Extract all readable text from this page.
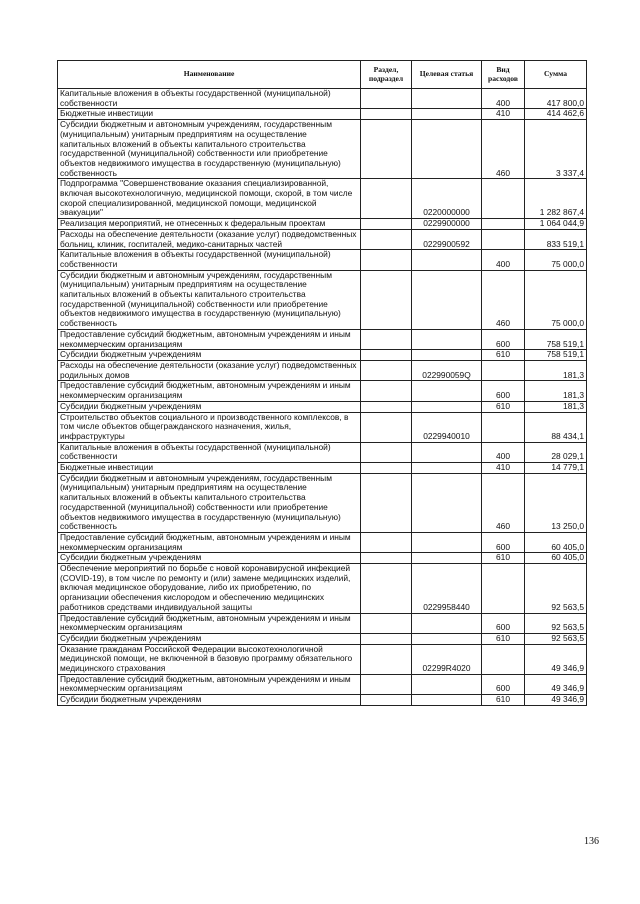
Наименование	Раздел, подраздел	Целевая статья	Вид расходов	Сумма
Капитальные вложения в объекты государственной (муниципальной) собственности			400	417 800,0
Бюджетные инвестиции			410	414 462,6
Субсидии бюджетным и автономным учреждениям, государственным (муниципальным) унитарным предприятиям на осуществление капитальных вложений в объекты капитального строительства государственной (муниципальной) собственности или приобретение объектов недвижимого имущества в государственную (муниципальную) собственность			460	3 337,4
Подпрограмма "Совершенствование оказания специализированной, включая высокотехнологичную, медицинской помощи, скорой, в том числе скорой специализированной, медицинской помощи, медицинской эвакуации"		0220000000		1 282 867,4
Реализация мероприятий, не отнесенных к федеральным проектам		0229900000		1 064 044,9
Расходы на обеспечение деятельности (оказание услуг) подведомственных больниц, клиник, госпиталей, медико-санитарных частей		0229900592		833 519,1
Капитальные вложения в объекты государственной (муниципальной) собственности			400	75 000,0
Субсидии бюджетным и автономным учреждениям, государственным (муниципальным) унитарным предприятиям на осуществление капитальных вложений в объекты капитального строительства государственной (муниципальной) собственности или приобретение объектов недвижимого имущества в государственную (муниципальную) собственность			460	75 000,0
Предоставление субсидий бюджетным, автономным учреждениям и иным некоммерческим организациям			600	758 519,1
Субсидии бюджетным учреждениям			610	758 519,1
Расходы на обеспечение деятельности (оказание услуг) подведомственных родильных домов		022990059Q		181,3
Предоставление субсидий бюджетным, автономным учреждениям и иным некоммерческим организациям			600	181,3
Субсидии бюджетным учреждениям			610	181,3
Строительство объектов социального и производственного комплексов, в том числе объектов общегражданского назначения, жилья, инфраструктуры		0229940010		88 434,1
Капитальные вложения в объекты государственной (муниципальной) собственности			400	28 029,1
Бюджетные инвестиции			410	14 779,1
Субсидии бюджетным и автономным учреждениям, государственным (муниципальным) унитарным предприятиям на осуществление капитальных вложений в объекты капитального строительства государственной (муниципальной) собственности или приобретение объектов недвижимого имущества в государственную (муниципальную) собственность			460	13 250,0
Предоставление субсидий бюджетным, автономным учреждениям и иным некоммерческим организациям			600	60 405,0
Субсидии бюджетным учреждениям			610	60 405,0
Обеспечение мероприятий по борьбе с новой коронавирусной инфекцией (COVID-19), в том числе по ремонту и (или) замене медицинских изделий, включая медицинское оборудование, либо их приобретению, по организации обеспечения кислородом и обеспечению медицинских работников средствами индивидуальной защиты		0229958440		92 563,5
Предоставление субсидий бюджетным, автономным учреждениям и иным некоммерческим организациям			600	92 563,5
Субсидии бюджетным учреждениям			610	92 563,5
Оказание гражданам Российской Федерации высокотехнологичной медицинской помощи, не включенной в базовую программу обязательного медицинского страхования		02299R4020		49 346,9
Предоставление субсидий бюджетным, автономным учреждениям и иным некоммерческим организациям			600	49 346,9
Субсидии бюджетным учреждениям			610	49 346,9
136
